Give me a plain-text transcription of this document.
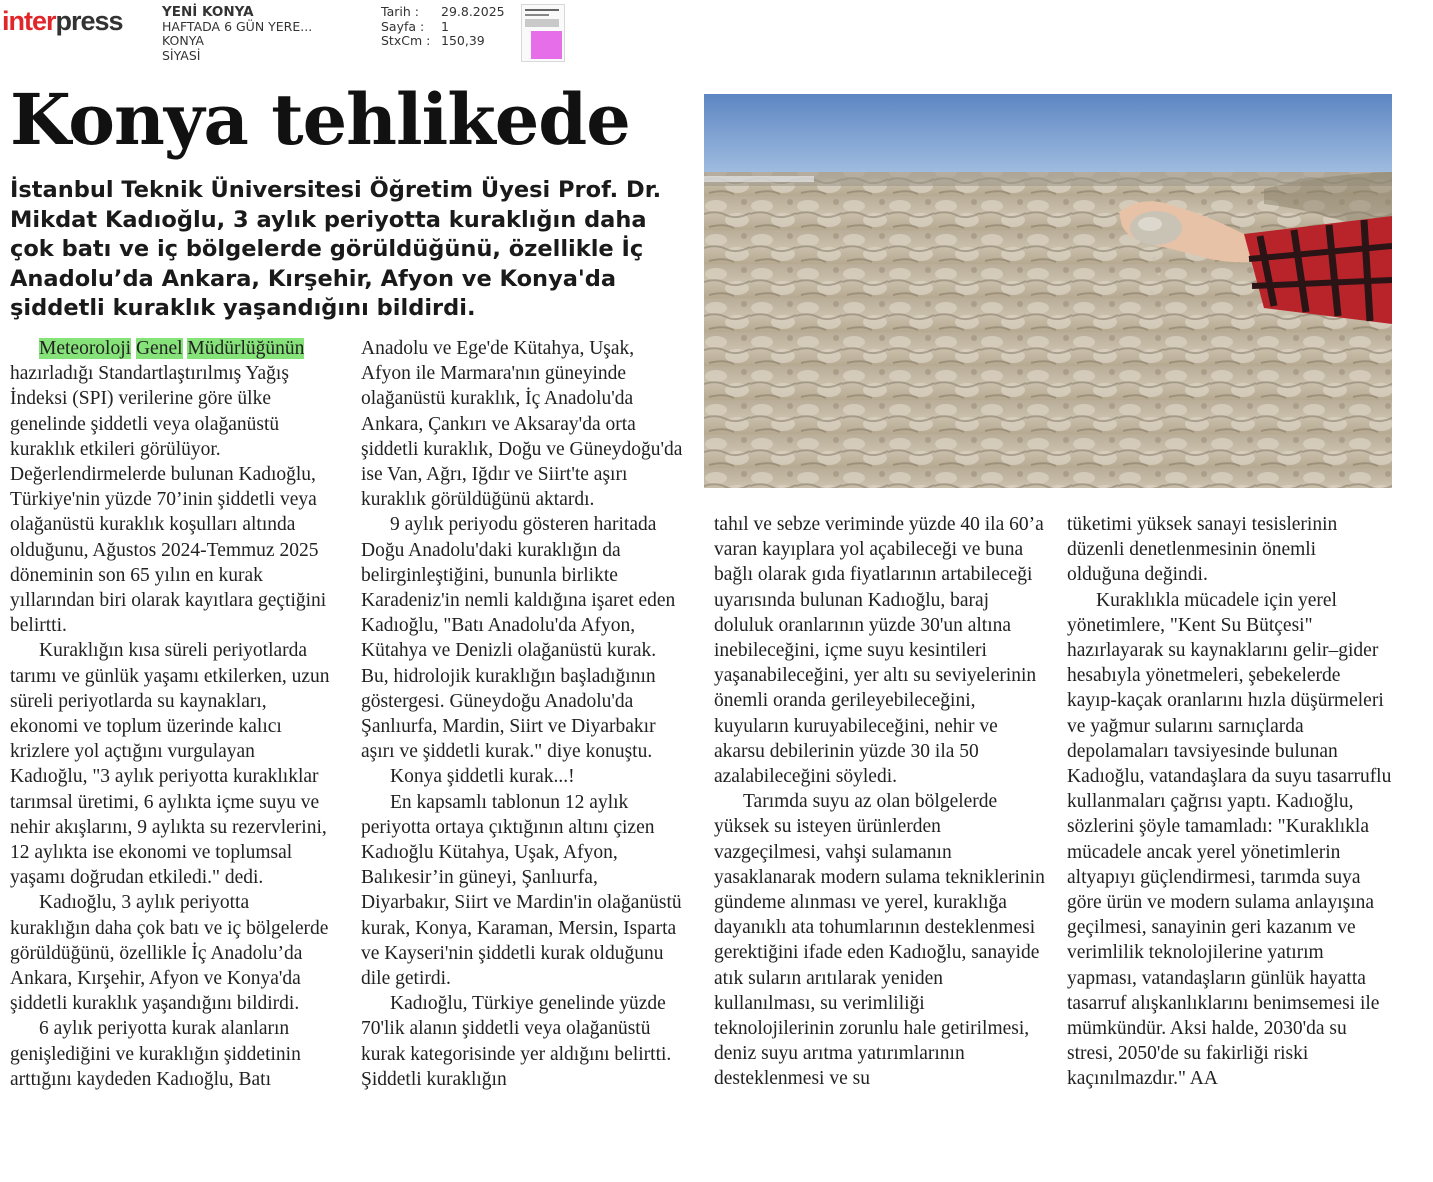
interpress	YENİ KONYA
HAFTADA 6 GÜN YERE...
KONYA
SİYASİ
Tarih :	29.8.2025
Sayfa :	1
StxCm : 150,39
Konya tehlikede
İstanbul Teknik Üniversitesi Öğretim Üyesi Prof. Dr. Mikdat Kadıoğlu, 3 aylık periyotta kuraklığın daha çok batı ve iç bölgelerde görüldüğünü, özellikle İç Anadolu’da Ankara, Kırşehir, Afyon ve Konya'da şiddetli kuraklık yaşandığını bildirdi.

Meteoroloji Genel Müdürlüğünün hazırladığı Standartlaştırılmış Yağış İndeksi (SPI) verilerine göre ülke genelinde şiddetli veya olağanüstü kuraklık etkileri görülüyor.

Değerlendirmelerde bulunan Kadıoğlu, Türkiye'nin yüzde 70’inin şiddetli veya olağanüstü kuraklık koşulları altında olduğunu, Ağustos 2024-Temmuz 2025 döneminin son 65 yılın en kurak yıllarından biri olarak kayıtlara geçtiğini belirtti.

Kuraklığın kısa süreli periyotlarda tarımı ve günlük yaşamı etkilerken, uzun süreli periyotlarda su kaynakları, ekonomi ve toplum üzerinde kalıcı krizlere yol açtığını vurgulayan Kadıoğlu, "3 aylık periyotta kuraklıklar tarımsal üretimi, 6 aylıkta içme suyu ve nehir akışlarını, 9 aylıkta su rezervlerini, 12 aylıkta ise ekonomi ve toplumsal yaşamı doğrudan etkiledi." dedi.

Kadıoğlu, 3 aylık periyotta kuraklığın daha çok batı ve iç bölgelerde görüldüğünü, özellikle İç Anadolu’da Ankara, Kırşehir, Afyon ve Konya'da şiddetli kuraklık yaşandığını bildirdi.

6 aylık periyotta kurak alanların genişlediğini ve kuraklığın şiddetinin arttığını kaydeden Kadıoğlu, Batı

Anadolu ve Ege'de Kütahya, Uşak, Afyon ile Marmara'nın güneyinde olağanüstü kuraklık, İç Anadolu'da Ankara, Çankırı ve Aksaray'da orta şiddetli kuraklık, Doğu ve Güneydoğu'da ise Van, Ağrı, Iğdır ve Siirt'te aşırı kuraklık görüldüğünü aktardı.

9 aylık periyodu gösteren haritada Doğu Anadolu'daki kuraklığın da belirginleştiğini, bununla birlikte Karadeniz'in nemli kaldığına işaret eden Kadıoğlu, "Batı Anadolu'da Afyon, Kütahya ve Denizli olağanüstü kurak. Bu, hidrolojik kuraklığın başladığının göstergesi. Güneydoğu Anadolu'da Şanlıurfa, Mardin, Siirt ve Diyarbakır aşırı ve şiddetli kurak." diye konuştu.

Konya şiddetli kurak...!

En kapsamlı tablonun 12 aylık periyotta ortaya çıktığının altını çizen Kadıoğlu Kütahya, Uşak, Afyon, Balıkesir’in güneyi, Şanlıurfa, Diyarbakır, Siirt ve Mardin'in olağanüstü kurak, Konya, Karaman, Mersin, Isparta ve Kayseri'nin şiddetli kurak olduğunu dile getirdi.

Kadıoğlu, Türkiye genelinde yüzde 70'lik alanın şiddetli veya olağanüstü kurak kategorisinde yer aldığını belirtti. Şiddetli kuraklığın

tahıl ve sebze veriminde yüzde 40 ila 60’a varan kayıplara yol açabileceği ve buna bağlı olarak gıda fiyatlarının artabileceği uyarısında bulunan Kadıoğlu, baraj doluluk oranlarının yüzde 30'un altına inebileceğini, içme suyu kesintileri yaşanabileceğini, yer altı su seviyelerinin önemli oranda gerileyebileceğini, kuyuların kuruyabileceğini, nehir ve akarsu debilerinin yüzde 30 ila 50 azalabileceğini söyledi.

Tarımda suyu az olan bölgelerde yüksek su isteyen ürünlerden vazgeçilmesi, vahşi sulamanın yasaklanarak modern sulama tekniklerinin gündeme alınması ve yerel, kuraklığa dayanıklı ata tohumlarının desteklenmesi gerektiğini ifade eden Kadıoğlu, sanayide atık suların arıtılarak yeniden kullanılması, su verimliliği teknolojilerinin zorunlu hale getirilmesi, deniz suyu arıtma yatırımlarının desteklenmesi ve su

tüketimi yüksek sanayi tesislerinin düzenli denetlenmesinin önemli olduğuna değindi.

Kuraklıkla mücadele için yerel yönetimlere, "Kent Su Bütçesi" hazırlayarak su kaynaklarını gelir–gider hesabıyla yönetmeleri, şebekelerde kayıp-kaçak oranlarını hızla düşürmeleri ve yağmur sularını sarnıçlarda depolamaları tavsiyesinde bulunan Kadıoğlu, vatandaşlara da suyu tasarruflu kullanmaları çağrısı yaptı. Kadıoğlu, sözlerini şöyle tamamladı: "Kuraklıkla mücadele ancak yerel yönetimlerin altyapıyı güçlendirmesi, tarımda suya göre ürün ve modern sulama anlayışına geçilmesi, sanayinin geri kazanım ve verimlilik teknolojilerine yatırım yapması, vatandaşların günlük hayatta tasarruf alışkanlıklarını benimsemesi ile mümkündür. Aksi halde, 2030'da su stresi, 2050'de su fakirliği riski kaçınılmazdır." AA
